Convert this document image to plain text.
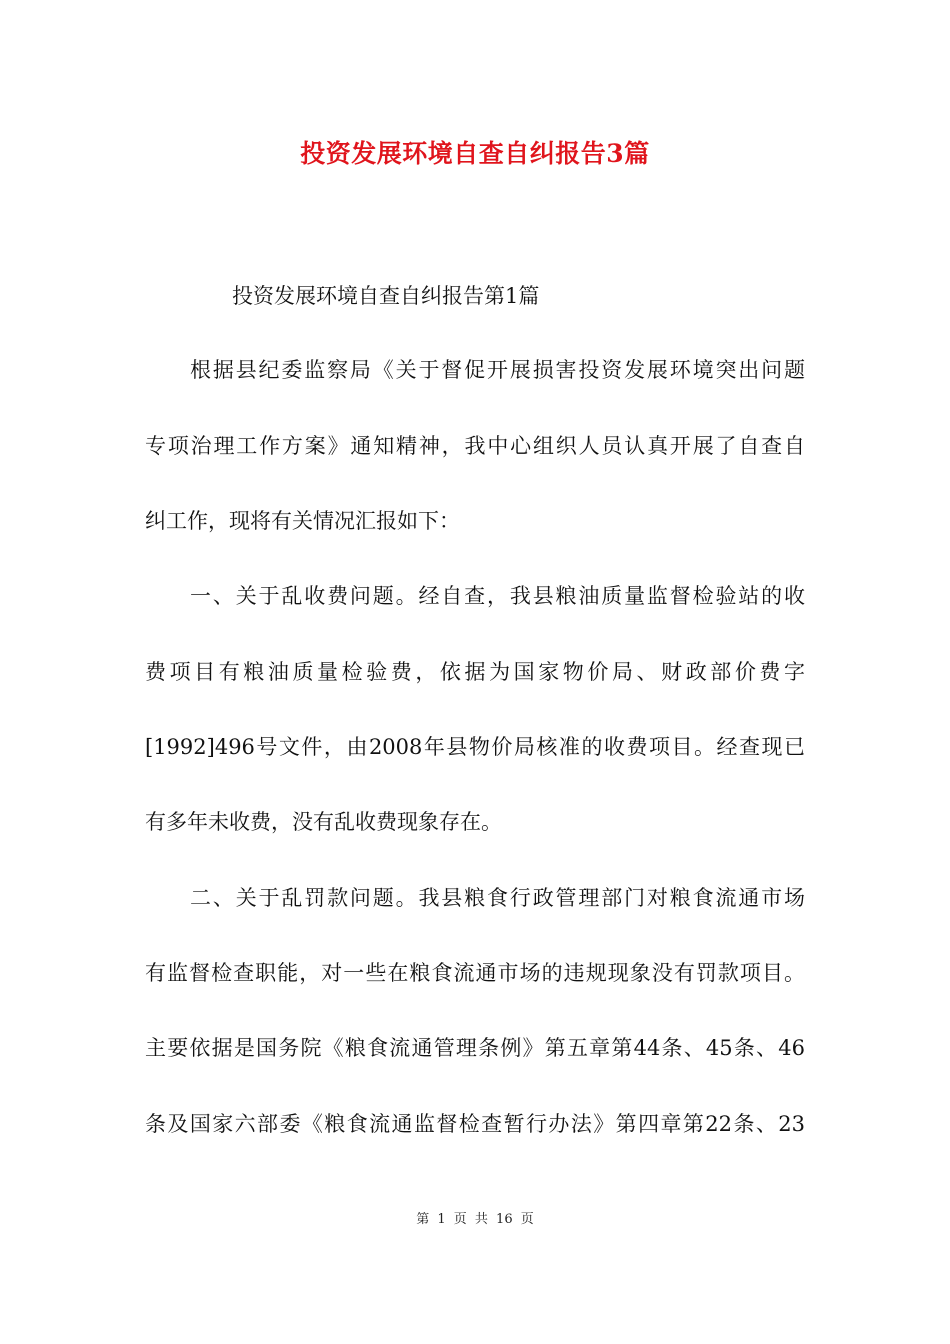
投资发展环境自查自纠报告3篇
投资发展环境自查自纠报告第1篇
根据县纪委监察局《关于督促开展损害投资发展环境突出问题
专项治理工作方案》通知精神，我中心组织人员认真开展了自查自
纠工作，现将有关情况汇报如下：
一、关于乱收费问题。经自查，我县粮油质量监督检验站的收
费项目有粮油质量检验费，依据为国家物价局、财政部价费字
[1992]496号文件，由2008年县物价局核准的收费项目。经查现已
有多年未收费，没有乱收费现象存在。
二、关于乱罚款问题。我县粮食行政管理部门对粮食流通市场
有监督检查职能，对一些在粮食流通市场的违规现象没有罚款项目。
主要依据是国务院《粮食流通管理条例》第五章第44条、45条、46
条及国家六部委《粮食流通监督检查暂行办法》第四章第22条、23
第 1 页 共 16 页
